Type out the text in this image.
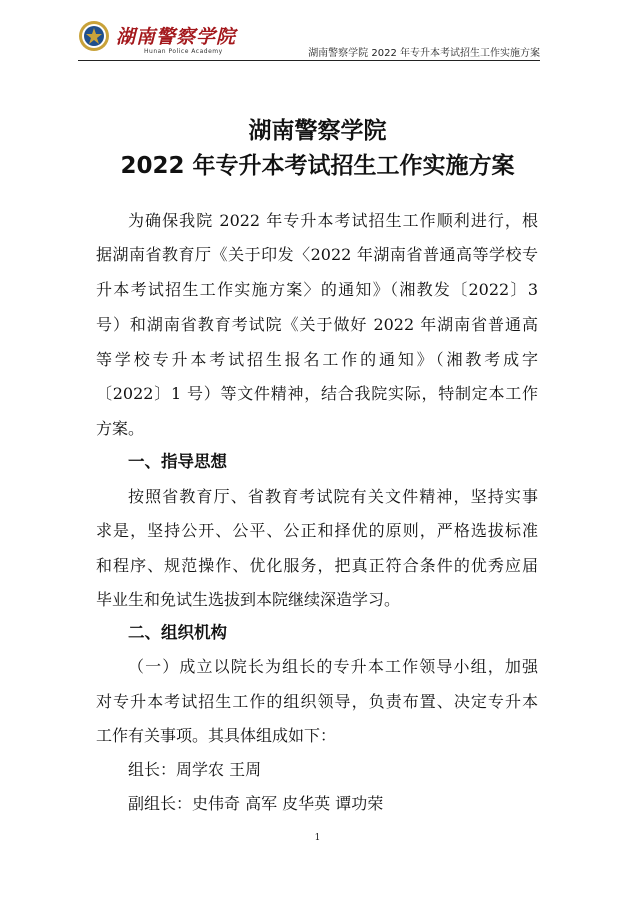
湖南警察学院
Hunan Police Academy	湖南警察学院 2022 年专升本考试招生工作实施方案
湖南警察学院
2022 年专升本考试招生工作实施方案
为确保我院 2022 年专升本考试招生工作顺利进行，根
据湖南省教育厅《关于印发〈2022 年湖南省普通高等学校专
升本考试招生工作实施方案〉的通知》（湘教发〔2022〕3
号）和湖南省教育考试院《关于做好 2022 年湖南省普通高
等学校专升本考试招生报名工作的通知》（湘教考成字
〔2022〕1 号）等文件精神，结合我院实际，特制定本工作
方案。
一、指导思想
按照省教育厅、省教育考试院有关文件精神，坚持实事
求是，坚持公开、公平、公正和择优的原则，严格选拔标准
和程序、规范操作、优化服务，把真正符合条件的优秀应届
毕业生和免试生选拔到本院继续深造学习。
二、组织机构
（一）成立以院长为组长的专升本工作领导小组，加强
对专升本考试招生工作的组织领导，负责布置、决定专升本
工作有关事项。其具体组成如下：
组长：周学农 王周
副组长：史伟奇 高军 皮华英 谭功荣
1
